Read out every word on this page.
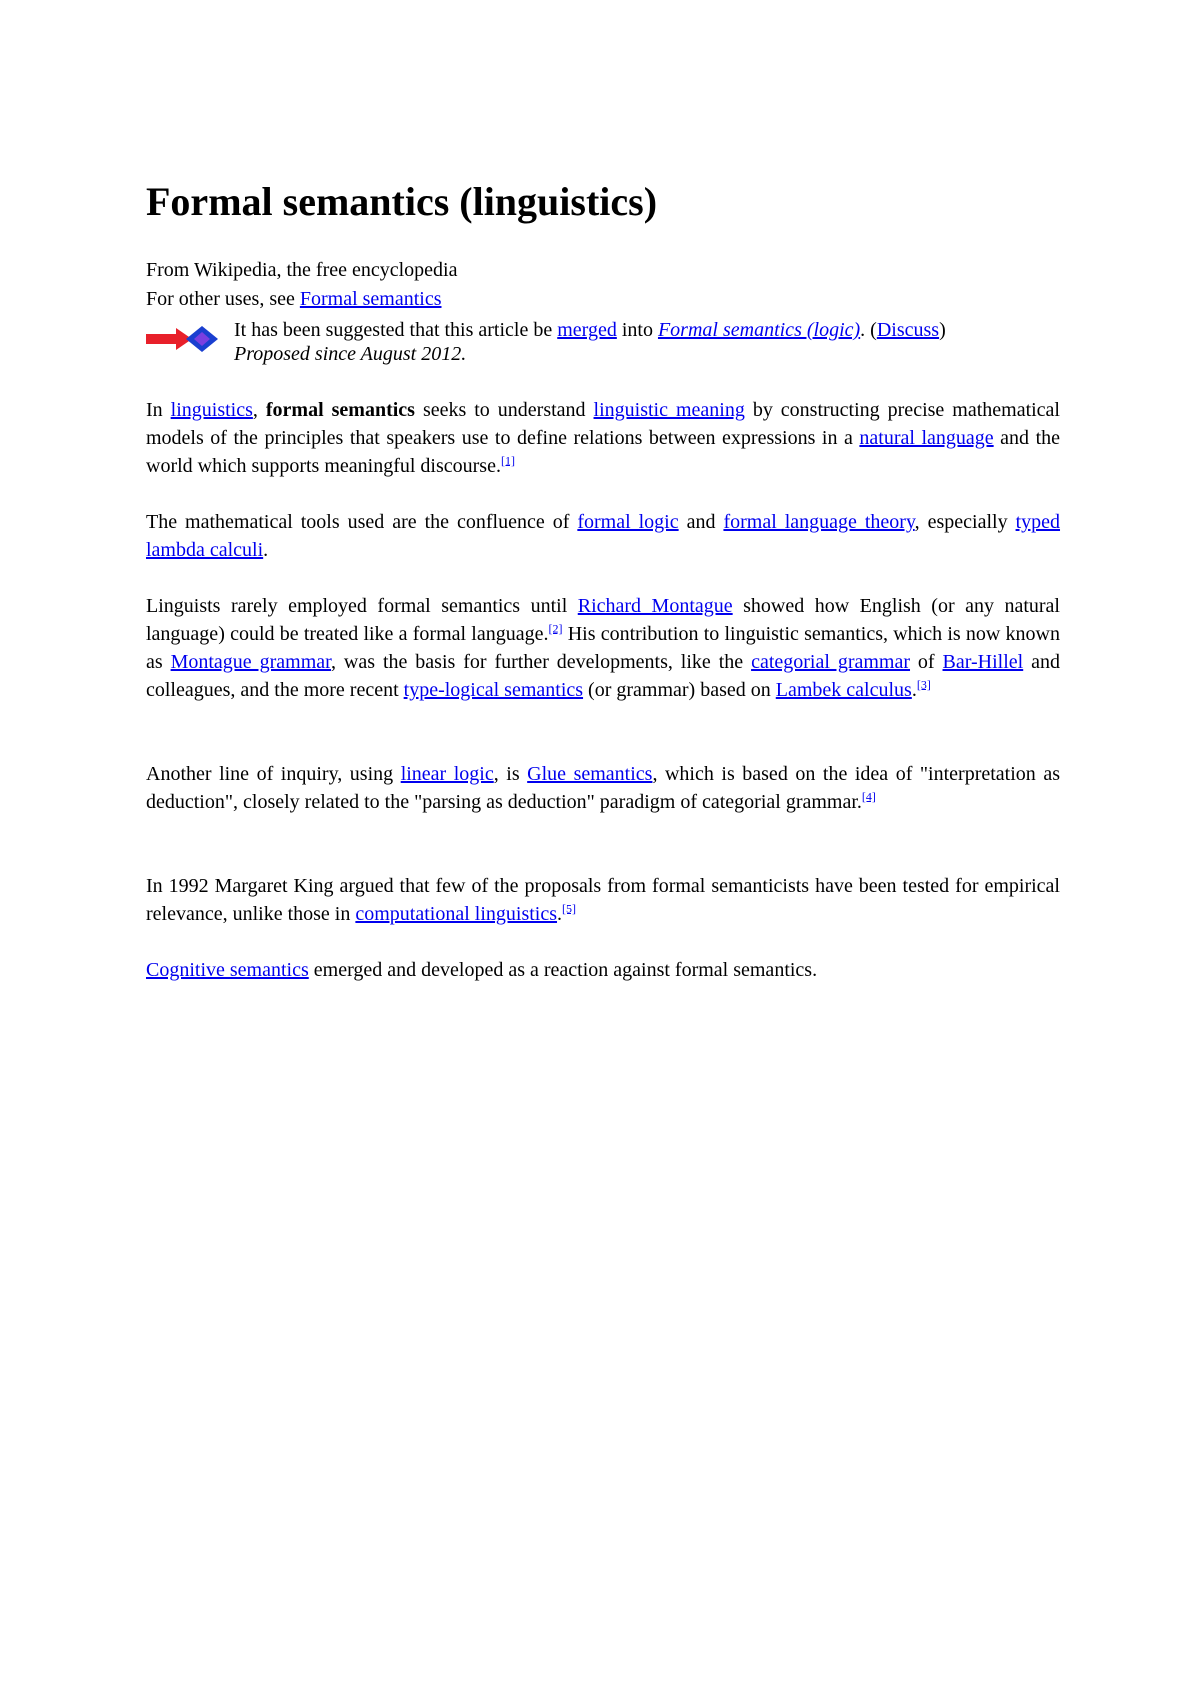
Formal semantics (linguistics)
From Wikipedia, the free encyclopedia
For other uses, see Formal semantics
It has been suggested that this article be merged into Formal semantics (logic). (Discuss)
Proposed since August 2012.

In linguistics, formal semantics seeks to understand linguistic meaning by constructing precise mathematical models of the principles that speakers use to define relations between expressions in a natural language and the world which supports meaningful discourse.[1]

The mathematical tools used are the confluence of formal logic and formal language theory, especially typed lambda calculi.

Linguists rarely employed formal semantics until Richard Montague showed how English (or any natural language) could be treated like a formal language.[2] His contribution to linguistic semantics, which is now known as Montague grammar, was the basis for further developments, like the categorial grammar of Bar-Hillel and colleagues, and the more recent type-logical semantics (or grammar) based on Lambek calculus.[3]

Another line of inquiry, using linear logic, is Glue semantics, which is based on the idea of "interpretation as deduction", closely related to the "parsing as deduction" paradigm of categorial grammar.[4]

In 1992 Margaret King argued that few of the proposals from formal semanticists have been tested for empirical relevance, unlike those in computational linguistics.[5]

Cognitive semantics emerged and developed as a reaction against formal semantics.
